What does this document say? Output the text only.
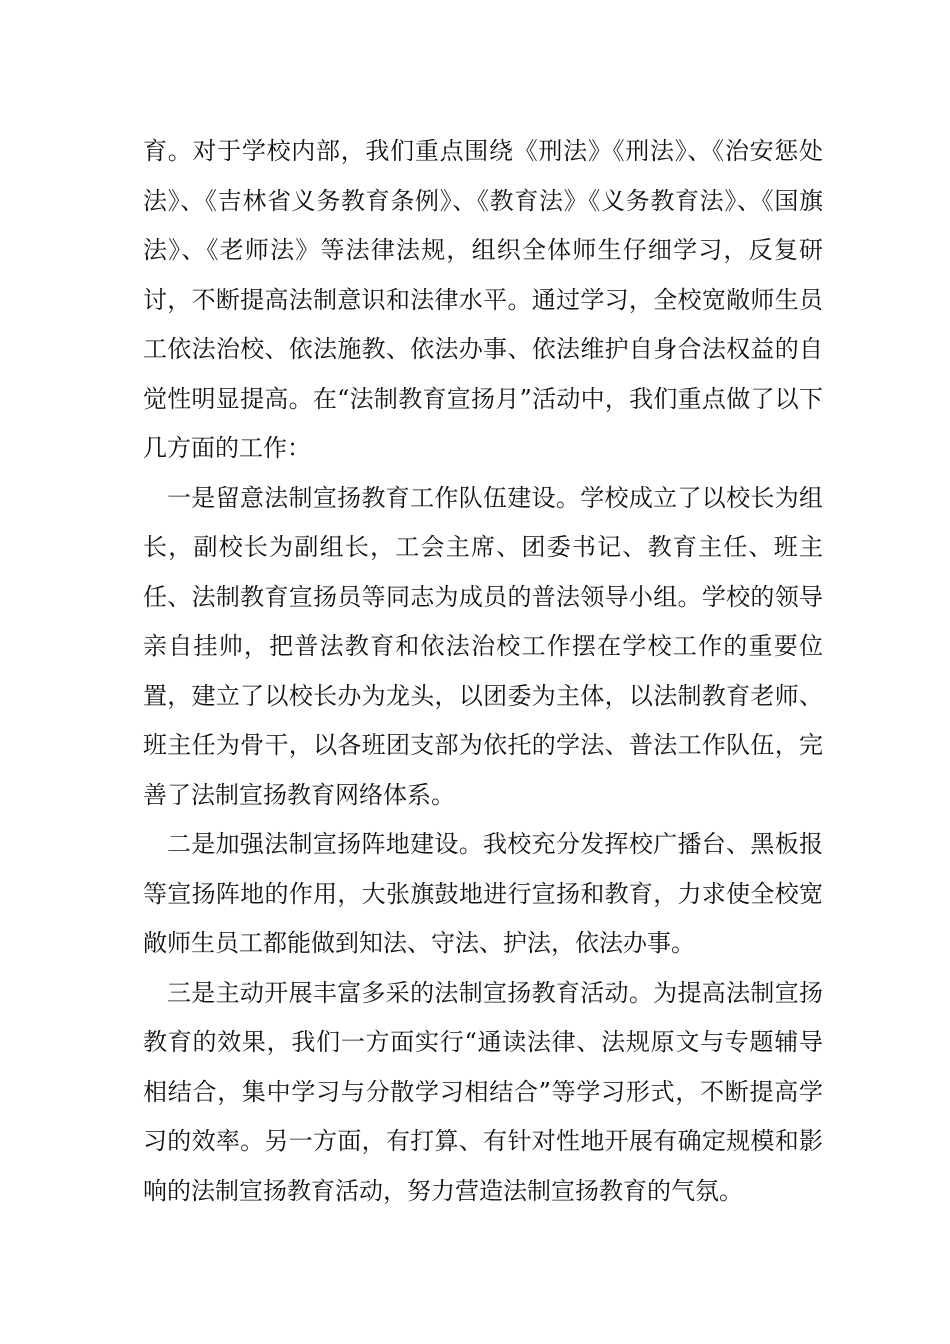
育。对于学校内部，我们重点围绕《刑法》《刑法》、《治安惩处法》、《吉林省义务教育条例》、《教育法》《义务教育法》、《国旗法》、《老师法》等法律法规，组织全体师生仔细学习，反复研讨，不断提高法制意识和法律水平。通过学习，全校宽敞师生员工依法治校、依法施教、依法办事、依法维护自身合法权益的自觉性明显提高。在“法制教育宣扬月”活动中，我们重点做了以下几方面的工作：

一是留意法制宣扬教育工作队伍建设。学校成立了以校长为组长，副校长为副组长，工会主席、团委书记、教育主任、班主任、法制教育宣扬员等同志为成员的普法领导小组。学校的领导亲自挂帅，把普法教育和依法治校工作摆在学校工作的重要位置，建立了以校长办为龙头，以团委为主体，以法制教育老师、班主任为骨干，以各班团支部为依托的学法、普法工作队伍，完善了法制宣扬教育网络体系。

二是加强法制宣扬阵地建设。我校充分发挥校广播台、黑板报等宣扬阵地的作用，大张旗鼓地进行宣扬和教育，力求使全校宽敞师生员工都能做到知法、守法、护法，依法办事。

三是主动开展丰富多采的法制宣扬教育活动。为提高法制宣扬教育的效果，我们一方面实行“通读法律、法规原文与专题辅导相结合，集中学习与分散学习相结合”等学习形式，不断提高学习的效率。另一方面，有打算、有针对性地开展有确定规模和影响的法制宣扬教育活动，努力营造法制宣扬教育的气氛。
